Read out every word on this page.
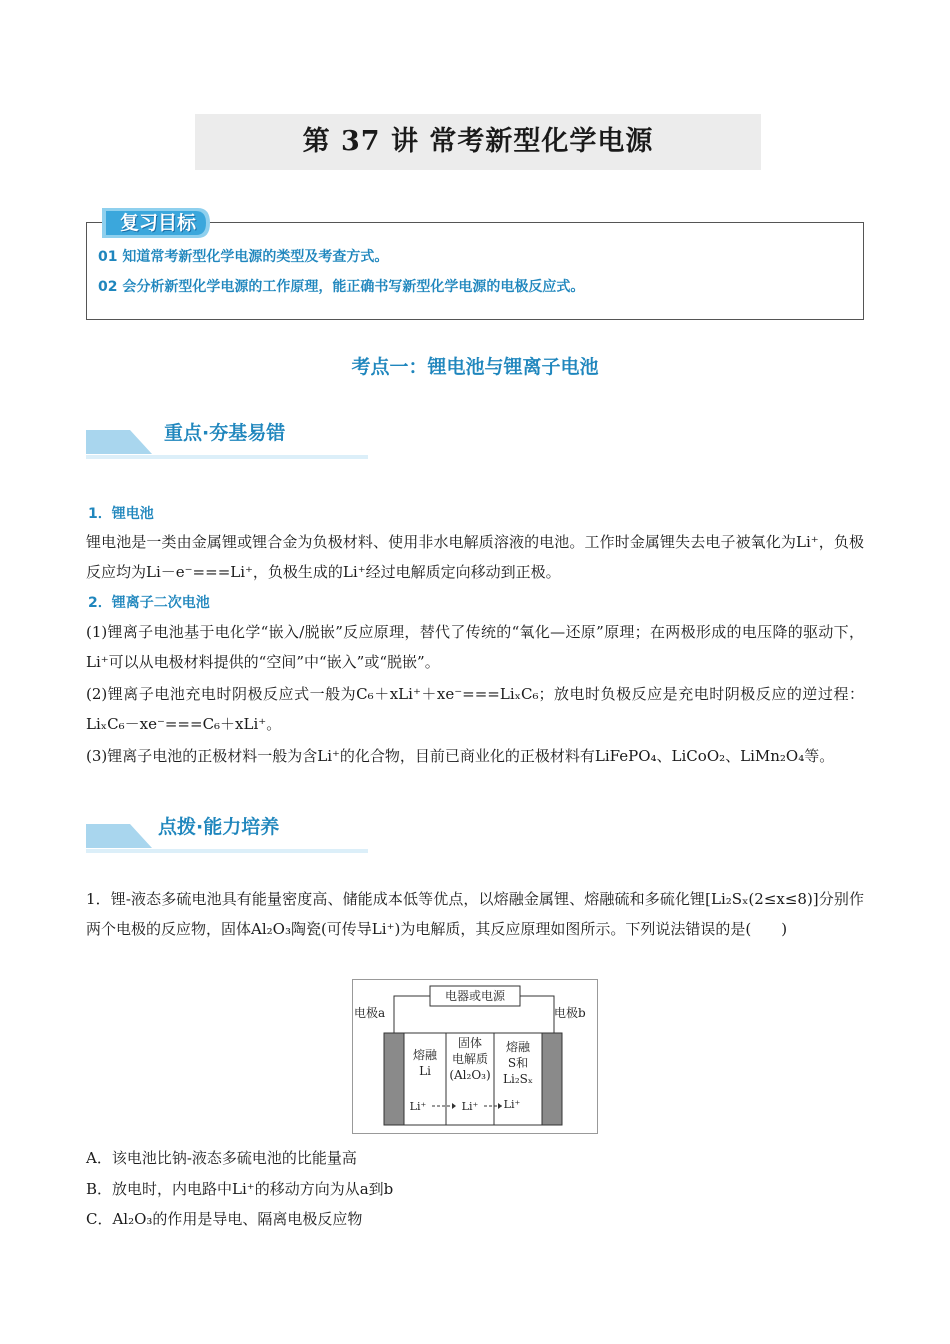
第 37 讲 常考新型化学电源
复习目标
01 知道常考新型化学电源的类型及考查方式。
02 会分析新型化学电源的工作原理，能正确书写新型化学电源的电极反应式。
考点一：锂电池与锂离子电池
重点·夯基易错
1．锂电池
锂电池是一类由金属锂或锂合金为负极材料、使用非水电解质溶液的电池。工作时金属锂失去电子被氧化为Li⁺，负极反应均为Li－e⁻===Li⁺，负极生成的Li⁺经过电解质定向移动到正极。
2．锂离子二次电池
(1)锂离子电池基于电化学“嵌入/脱嵌”反应原理，替代了传统的“氧化—还原”原理；在两极形成的电压降的驱动下，Li⁺可以从电极材料提供的“空间”中“嵌入”或“脱嵌”。
(2)锂离子电池充电时阴极反应式一般为C₆＋xLi⁺＋xe⁻===LiₓC₆；放电时负极反应是充电时阴极反应的逆过程：LiₓC₆－xe⁻===C₆＋xLi⁺。
(3)锂离子电池的正极材料一般为含Li⁺的化合物，目前已商业化的正极材料有LiFePO₄、LiCoO₂、LiMn₂O₄等。
点拨·能力培养
1．锂-液态多硫电池具有能量密度高、储能成本低等优点，以熔融金属锂、熔融硫和多硫化锂[Li₂Sₓ(2≤x≤8)]分别作两个电极的反应物，固体Al₂O₃陶瓷(可传导Li⁺)为电解质，其反应原理如图所示。下列说法错误的是(　　)
电器或电源
电极a	电极b
熔融
Li
固体
电解质
(Al₂O₃)
熔融
S和
Li₂Sₓ
Li⁺	Li⁺ Li⁺
A．该电池比钠-液态多硫电池的比能量高
B．放电时，内电路中Li⁺的移动方向为从a到b
C．Al₂O₃的作用是导电、隔离电极反应物
